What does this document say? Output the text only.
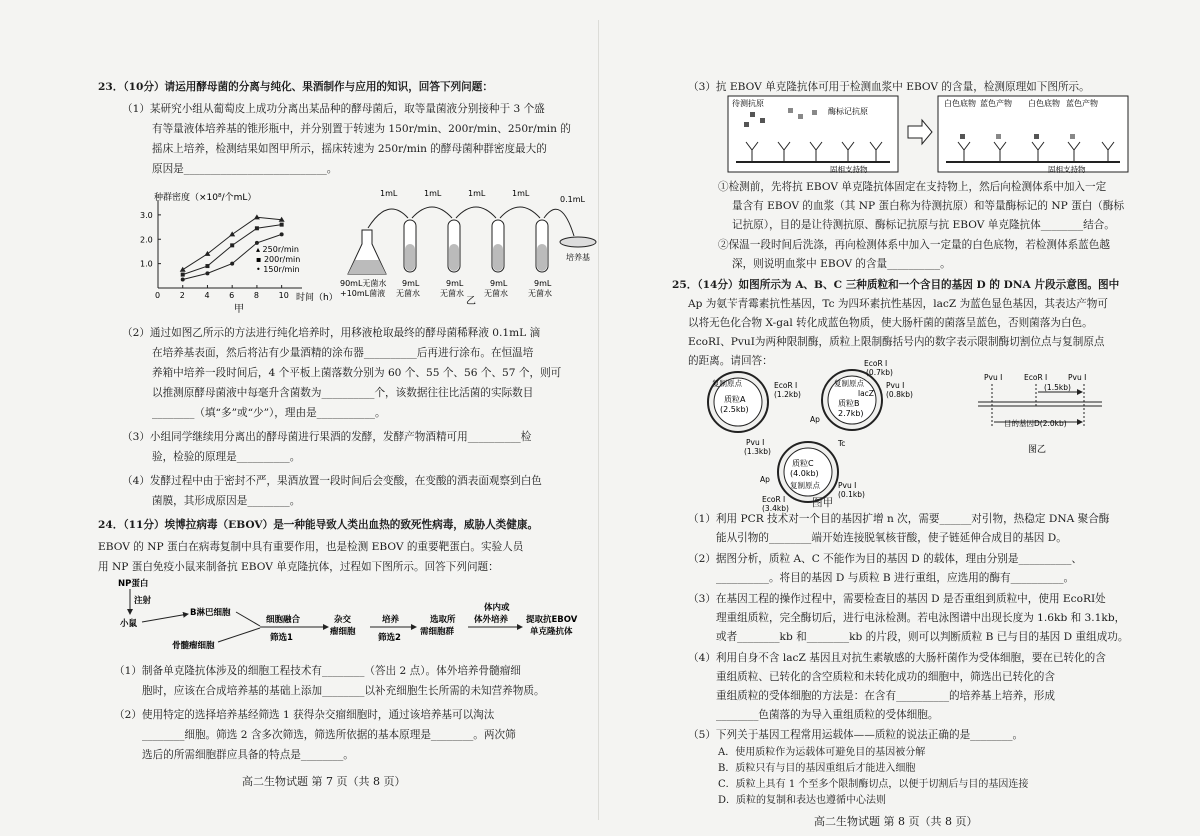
23．（10分）请运用酵母菌的分离与纯化、果酒制作与应用的知识，回答下列问题：
（1）某研究小组从葡萄皮上成功分离出某品种的酵母菌后，取等量菌液分别接种于 3 个盛
有等量液体培养基的锥形瓶中，并分别置于转速为 150r/min、200r/min、250r/min 的
摇床上培养，检测结果如图甲所示，摇床转速为 250r/min 的酵母菌种群密度最大的
原因是___________________________。
种群密度（×10⁸/个mL）
0 2 4 6 8 10
1.0
2.0
3.0
▴ 250r/min
▪ 200r/min
• 150r/min
时间（h）
甲
1mL	1mL	1mL	1mL
0.1mL
培养基
90mL无菌水
+10mL菌液
9mL
无菌水
9mL
无菌水
9mL
无菌水
9mL
无菌水
乙
（2）通过如图乙所示的方法进行纯化培养时，用移液枪取最终的酵母菌稀释液 0.1mL 滴
在培养基表面，然后将沾有少量酒精的涂布器__________后再进行涂布。在恒温培
养箱中培养一段时间后，4 个平板上菌落数分别为 60 个、55 个、56 个、57 个，则可
以推测原酵母菌液中每毫升含菌数为__________个，该数据往往比活菌的实际数目
________（填“多”或“少”），理由是___________。
（3）小组同学继续用分离出的酵母菌进行果酒的发酵，发酵产物酒精可用__________检
验，检验的原理是__________。
（4）发酵过程中由于密封不严，果酒放置一段时间后会变酸，在变酸的酒表面观察到白色
菌膜，其形成原因是________。
24．（11分）埃博拉病毒（EBOV）是一种能导致人类出血热的致死性病毒，威胁人类健康。
EBOV 的 NP 蛋白在病毒复制中具有重要作用，也是检测 EBOV 的重要靶蛋白。实验人员
用 NP 蛋白免疫小鼠来制备抗 EBOV 单克隆抗体，过程如下图所示。回答下列问题：
NP蛋白
注射
小鼠
B淋巴细胞
骨髓瘤细胞
细胞融合
筛选1
杂交
瘤细胞
培养
筛选2
选取所
需细胞群
体内或
体外培养 提取抗EBOV
单克隆抗体
（1）制备单克隆抗体涉及的细胞工程技术有________（答出 2 点）。体外培养骨髓瘤细
胞时，应该在合成培养基的基础上添加________以补充细胞生长所需的未知营养物质。
（2）使用特定的选择培养基经筛选 1 获得杂交瘤细胞时，通过该培养基可以淘汰
________细胞。筛选 2 含多次筛选，筛选所依据的基本原理是________。两次筛
选后的所需细胞群应具备的特点是________。
高二生物试题 第 7 页（共 8 页）
（3）抗 EBOV 单克隆抗体可用于检测血浆中 EBOV 的含量，检测原理如下图所示。
待测抗原
酶标记抗原
固相支持物
白色底物 蓝色产物 白色底物 蓝色产物
固相支持物
①检测前，先将抗 EBOV 单克隆抗体固定在支持物上，然后向检测体系中加入一定
量含有 EBOV 的血浆（其 NP 蛋白称为待测抗原）和等量酶标记的 NP 蛋白（酶标
记抗原），目的是让待测抗原、酶标记抗原与抗 EBOV 单克隆抗体________结合。
②保温一段时间后洗涤，再向检测体系中加入一定量的白色底物，若检测体系蓝色越
深，则说明血浆中 EBOV 的含量__________。
25．（14分）如图所示为 A、B、C 三种质粒和一个含目的基因 D 的 DNA 片段示意图。图中
Ap 为氨苄青霉素抗性基因，Tc 为四环素抗性基因，lacZ 为蓝色显色基因，其表达产物可
以将无色化合物 X-gal 转化成蓝色物质，使大肠杆菌的菌落呈蓝色，否则菌落为白色。
EcoRⅠ、PvuⅠ为两种限制酶，质粒上限制酶括号内的数字表示限制酶切割位点与复制原点
的距离。请回答：
复制原点
质粒A
(2.5kb)
EcoR Ⅰ
(1.2kb)
Pvu Ⅰ
(1.3kb)
复制原点
lacZ
质粒B
2.7kb)
Ap
EcoR Ⅰ
(0.7kb)
Pvu Ⅰ
(0.8kb)
Tc
质粒C
(4.0kb)
复制原点
Ap
EcoR Ⅰ
(3.4kb)
Pvu Ⅰ
(0.1kb)
Pvu Ⅰ	EcoR Ⅰ	Pvu Ⅰ
(1.5kb)
目的基因D(2.0kb)
图乙
图甲
（1）利用 PCR 技术对一个目的基因扩增 n 次，需要______对引物，热稳定 DNA 聚合酶
能从引物的________端开始连接脱氧核苷酸，使子链延伸合成目的基因 D。
（2）据图分析，质粒 A、C 不能作为目的基因 D 的载体，理由分别是__________、
__________。将目的基因 D 与质粒 B 进行重组，应选用的酶有__________。
（3）在基因工程的操作过程中，需要检查目的基因 D 是否重组到质粒中，使用 EcoRⅠ处
理重组质粒，完全酶切后，进行电泳检测。若电泳图谱中出现长度为 1.6kb 和 3.1kb，
或者________kb 和________kb 的片段，则可以判断质粒 B 已与目的基因 D 重组成功。
（4）利用自身不含 lacZ 基因且对抗生素敏感的大肠杆菌作为受体细胞，要在已转化的含
重组质粒、已转化的含空质粒和未转化成功的细胞中，筛选出已转化的含
重组质粒的受体细胞的方法是：在含有__________的培养基上培养，形成
________色菌落的为导入重组质粒的受体细胞。
（5）下列关于基因工程常用运载体——质粒的说法正确的是________。
A．使用质粒作为运载体可避免目的基因被分解
B．质粒只有与目的基因重组后才能进入细胞
C．质粒上具有 1 个至多个限制酶切点，以便于切割后与目的基因连接
D．质粒的复制和表达也遵循中心法则
高二生物试题 第 8 页（共 8 页）
